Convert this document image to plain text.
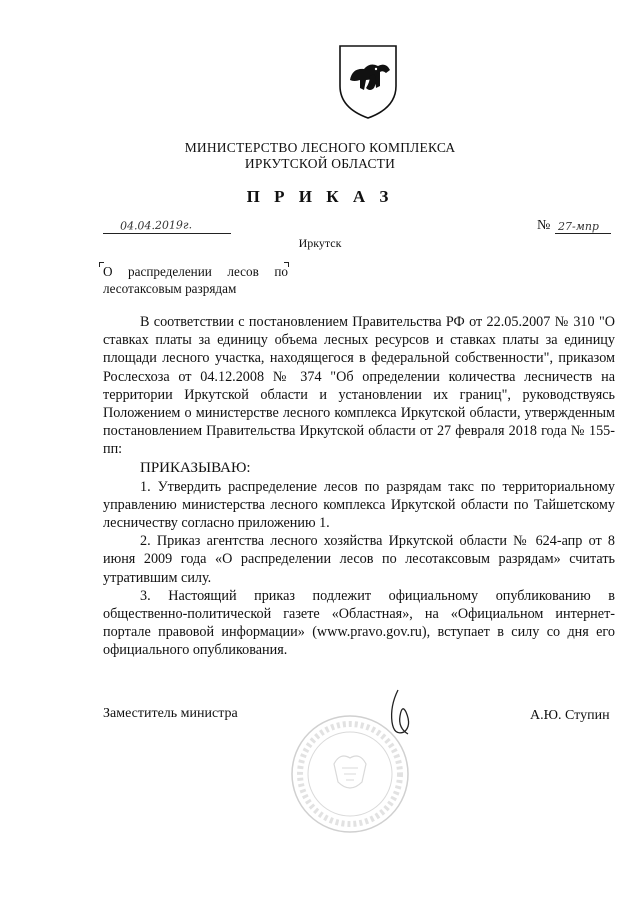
МИНИСТЕРСТВО ЛЕСНОГО КОМПЛЕКСА
ИРКУТСКОЙ ОБЛАСТИ
П Р И К А З
04.04.2019г.	№ 27-мпр
Иркутск
О распределении лесов по
лесотаксовым разрядам

В соответствии с постановлением Правительства РФ от 22.05.2007 № 310 "О ставках платы за единицу объема лесных ресурсов и ставках платы за единицу площади лесного участка, находящегося в федеральной собственности", приказом Рослесхоза от 04.12.2008 № 374 "Об определении количества лесничеств на территории Иркутской области и установлении их границ", руководствуясь Положением о министерстве лесного комплекса Иркутской области, утвержденным постановлением Правительства Иркутской области от 27 февраля 2018 года № 155-пп:

ПРИКАЗЫВАЮ:

1. Утвердить распределение лесов по разрядам такс по территориальному управлению министерства лесного комплекса Иркутской области по Тайшетскому лесничеству согласно приложению 1.

2. Приказ агентства лесного хозяйства Иркутской области № 624-апр от 8 июня 2009 года «О распределении лесов по лесотаксовым разрядам» считать утратившим силу.

3. Настоящий приказ подлежит официальному опубликованию в общественно-политической газете «Областная», на «Официальном интернет-портале правовой информации» (www.pravo.gov.ru), вступает в силу со дня его официального опубликования.

Заместитель министра	А.Ю. Ступин
